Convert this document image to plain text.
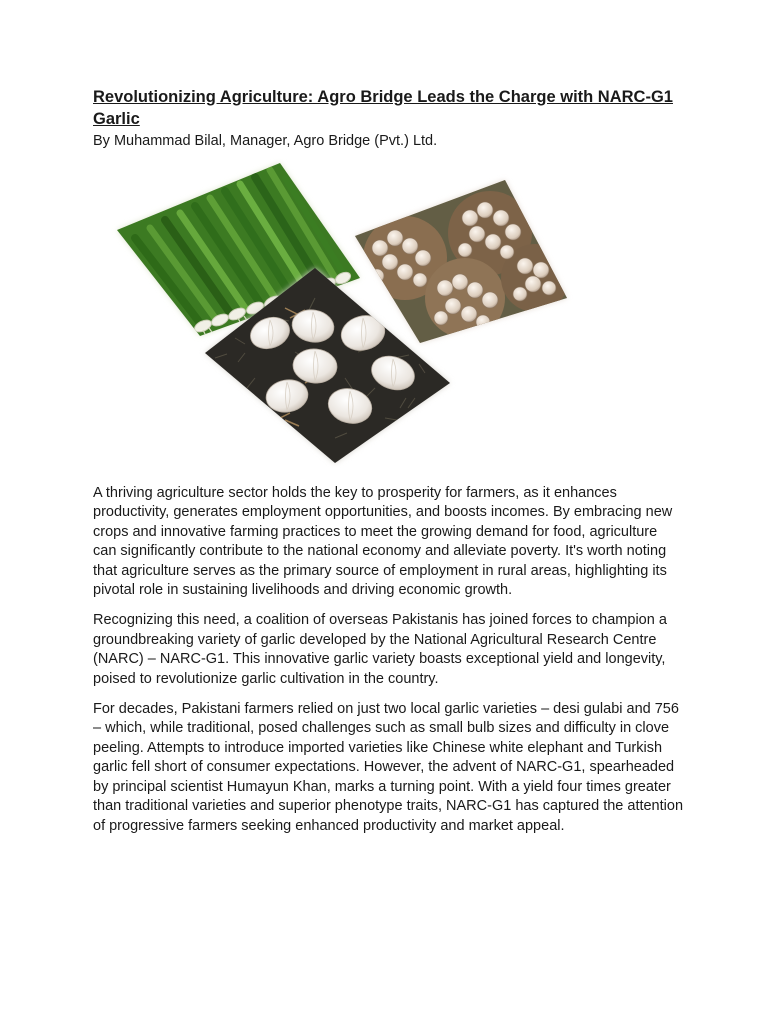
Revolutionizing Agriculture: Agro Bridge Leads the Charge with NARC-G1 Garlic

By Muhammad Bilal, Manager, Agro Bridge (Pvt.) Ltd.

A thriving agriculture sector holds the key to prosperity for farmers, as it enhances productivity, generates employment opportunities, and boosts incomes. By embracing new crops and innovative farming practices to meet the growing demand for food, agriculture can significantly contribute to the national economy and alleviate poverty. It's worth noting that agriculture serves as the primary source of employment in rural areas, highlighting its pivotal role in sustaining livelihoods and driving economic growth.

Recognizing this need, a coalition of overseas Pakistanis has joined forces to champion a groundbreaking variety of garlic developed by the National Agricultural Research Centre (NARC) – NARC-G1. This innovative garlic variety boasts exceptional yield and longevity, poised to revolutionize garlic cultivation in the country.

For decades, Pakistani farmers relied on just two local garlic varieties – desi gulabi and 756 – which, while traditional, posed challenges such as small bulb sizes and difficulty in clove peeling. Attempts to introduce imported varieties like Chinese white elephant and Turkish garlic fell short of consumer expectations. However, the advent of NARC-G1, spearheaded by principal scientist Humayun Khan, marks a turning point. With a yield four times greater than traditional varieties and superior phenotype traits, NARC-G1 has captured the attention of progressive farmers seeking enhanced productivity and market appeal.
